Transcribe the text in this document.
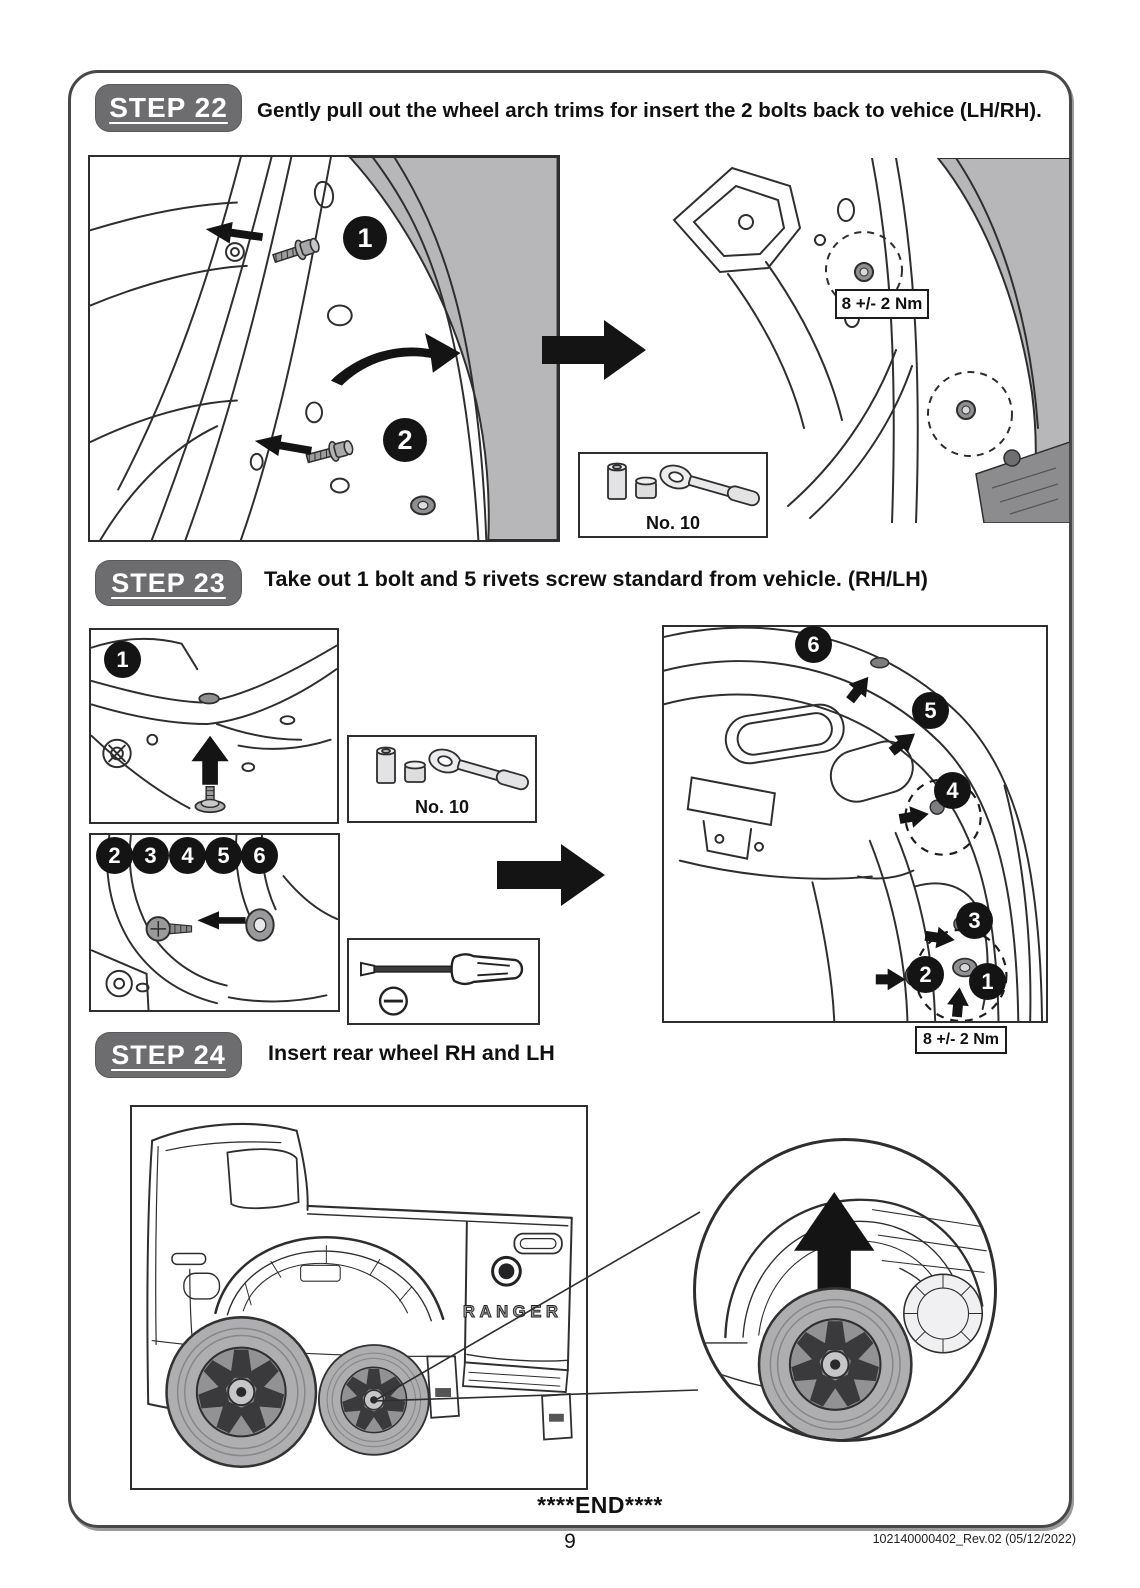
STEP 22 Gently pull out the wheel arch trims for insert the 2 bolts back to vehice (LH/RH).
1
2
8 +/- 2 Nm
No. 10
STEP 23 Take out 1 bolt and 5 rivets screw standard from vehicle. (RH/LH)
1
2	3	4	5	6
No. 10
6
5
4
3
2	1
8 +/- 2 Nm
STEP 24 Insert rear wheel RH and LH
RANGER
****END****
9	102140000402_Rev.02 (05/12/2022)
